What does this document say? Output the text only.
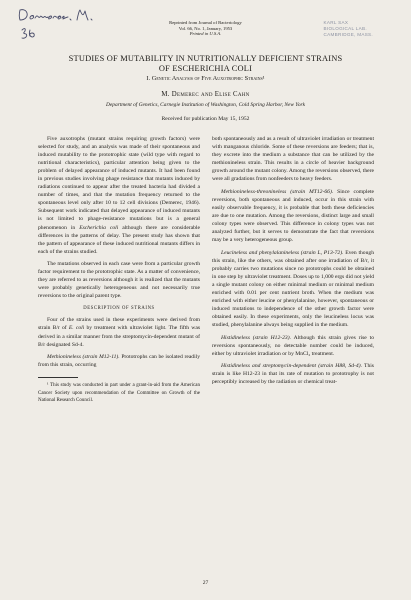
Reprinted from Journal of Bacteriology
Vol. 66, No. 1, January, 1953
Printed in U.S.A.
KARL SAX
BIOLOGICAL LAB.
CAMBRIDGE, MASS.
STUDIES OF MUTABILITY IN NUTRITIONALLY DEFICIENT STRAINS
OF ESCHERICHIA COLI
I. Genetic Analysis of Five Auxotrophic Strains¹
M. Demerec and Elise Cahn
Department of Genetics, Carnegie Institution of Washington, Cold Spring Harbor, New York
Received for publication May 15, 1952

Five auxotrophs (mutant strains requiring growth factors) were selected for study, and an analysis was made of their spontaneous and induced mutability to the prototrophic state (wild type with regard to nutritional characteristics), particular attention being given to the problem of delayed appearance of induced mutants. It had been found in previous studies involving phage resistance that mutants induced by radiations continued to appear after the treated bacteria had divided a number of times, and that the mutation frequency returned to the spontaneous level only after 10 to 12 cell divisions (Demerec, 1946). Subsequent work indicated that delayed appearance of induced mutants is not limited to phage-resistance mutations but is a general phenomenon in Escherichia coli although there are considerable differences in the patterns of delay. The present study has shown that the pattern of appearance of these induced nutritional mutants differs in each of the strains studied.

The mutations observed in each case were from a particular growth factor requirement to the prototrophic state. As a matter of convenience, they are referred to as reversions although it is realized that the mutants were probably genetically heterogeneous and not necessarily true reversions to the original parent type.

DESCRIPTION OF STRAINS

Four of the strains used in these experiments were derived from strain B/r of E. coli by treatment with ultraviolet light. The fifth was derived in a similar manner from the streptomycin-dependent mutant of B/r designated Sd-4.

Methionineless (strain M12-11). Prototrophs can be isolated readily from this strain, occurring

¹ This study was conducted in part under a grant-in-aid from the American Cancer Society upon recommendation of the Committee on Growth of the National Research Council.

both spontaneously and as a result of ultraviolet irradiation or treatment with manganous chloride. Some of these reversions are feeders; that is, they excrete into the medium a substance that can be utilized by the methionineless strain. This results in a circle of heavier background growth around the mutant colony. Among the reversions observed, there were all gradations from nonfeeders to heavy feeders.

Methionineless-threonineless (strain MT12-66). Since complete reversions, both spontaneous and induced, occur in this strain with easily observable frequency, it is probable that both these deficiencies are due to one mutation. Among the reversions, distinct large and small colony types were observed. This difference in colony types was not analyzed further, but it serves to demonstrate the fact that reversions may be a very heterogeneous group.

Leucineless and phenylalanineless (strain L, P13-72). Even though this strain, like the others, was obtained after one irradiation of B/r, it probably carries two mutations since no prototrophs could be obtained in one step by ultraviolet treatment. Doses up to 1,000 ergs did not yield a single mutant colony on either minimal medium or minimal medium enriched with 0.01 per cent nutrient broth. When the medium was enriched with either leucine or phenylalanine, however, spontaneous or induced mutations to independence of the other growth factor were obtained easily. In these experiments, only the leucineless locus was studied, phenylalanine always being supplied in the medium.

Histidineless (strain H12-23). Although this strain gives rise to reversions spontaneously, no detectable number could be induced, either by ultraviolet irradiation or by MnCl₂ treatment.

Histidineless and streptomycin-dependent (strain H88, Sd-4). This strain is like H12-23 in that its rate of mutation to prototrophy is not perceptibly increased by the radiation or chemical treat-

27
